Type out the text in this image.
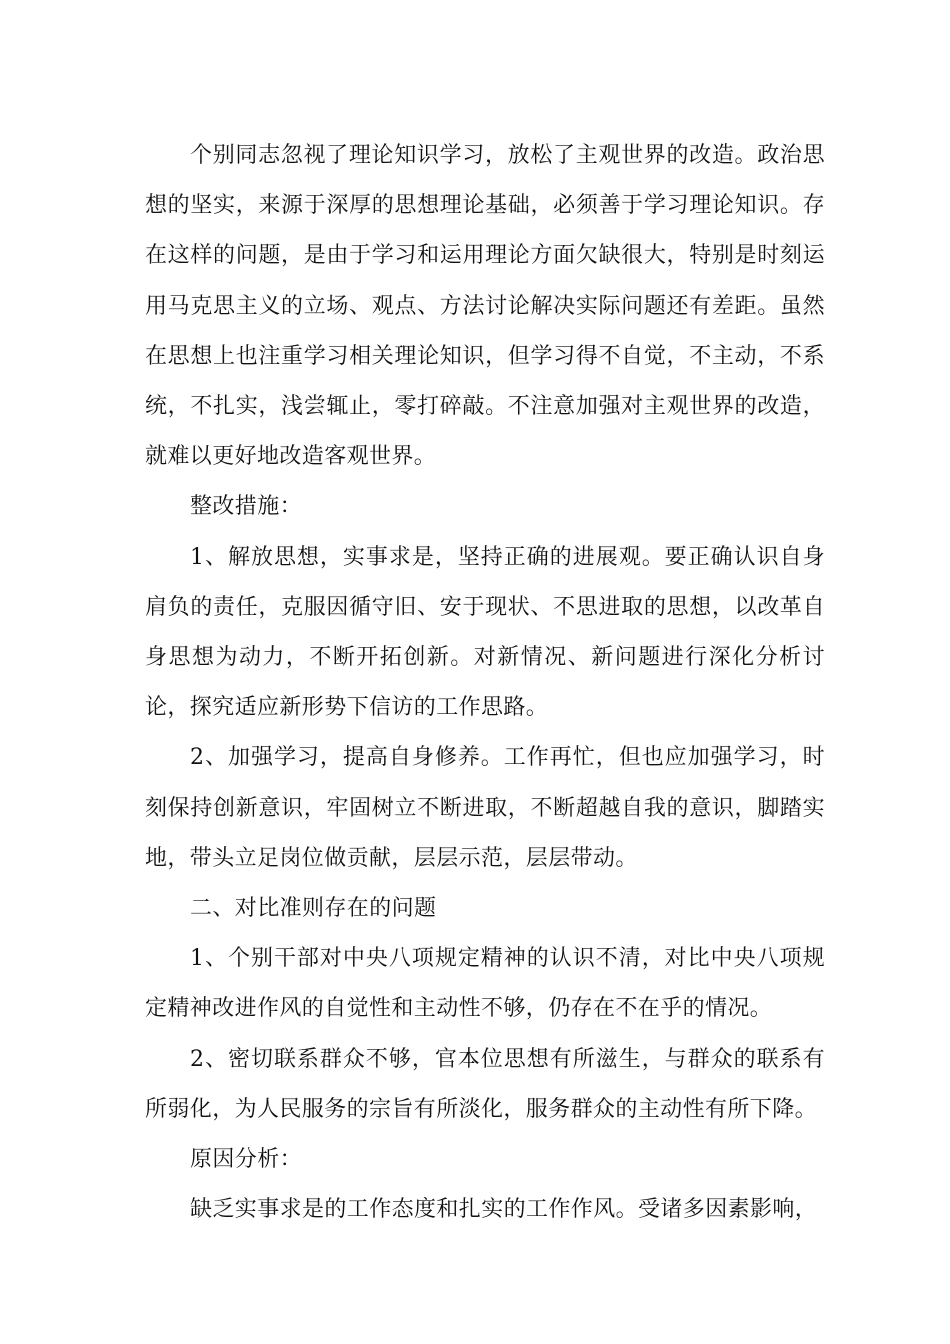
个别同志忽视了理论知识学习，放松了主观世界的改造。政治思想的坚实，来源于深厚的思想理论基础，必须善于学习理论知识。存在这样的问题，是由于学习和运用理论方面欠缺很大，特别是时刻运用马克思主义的立场、观点、方法讨论解决实际问题还有差距。虽然在思想上也注重学习相关理论知识，但学习得不自觉，不主动，不系统，不扎实，浅尝辄止，零打碎敲。不注意加强对主观世界的改造，就难以更好地改造客观世界。

整改措施：

1、解放思想，实事求是，坚持正确的进展观。要正确认识自身肩负的责任，克服因循守旧、安于现状、不思进取的思想，以改革自身思想为动力，不断开拓创新。对新情况、新问题进行深化分析讨论，探究适应新形势下信访的工作思路。

2、加强学习，提高自身修养。工作再忙，但也应加强学习，时刻保持创新意识，牢固树立不断进取，不断超越自我的意识，脚踏实地，带头立足岗位做贡献，层层示范，层层带动。

二、对比准则存在的问题

1、个别干部对中央八项规定精神的认识不清，对比中央八项规定精神改进作风的自觉性和主动性不够，仍存在不在乎的情况。

2、密切联系群众不够，官本位思想有所滋生，与群众的联系有所弱化，为人民服务的宗旨有所淡化，服务群众的主动性有所下降。

原因分析：

缺乏实事求是的工作态度和扎实的工作作风。受诸多因素影响，
